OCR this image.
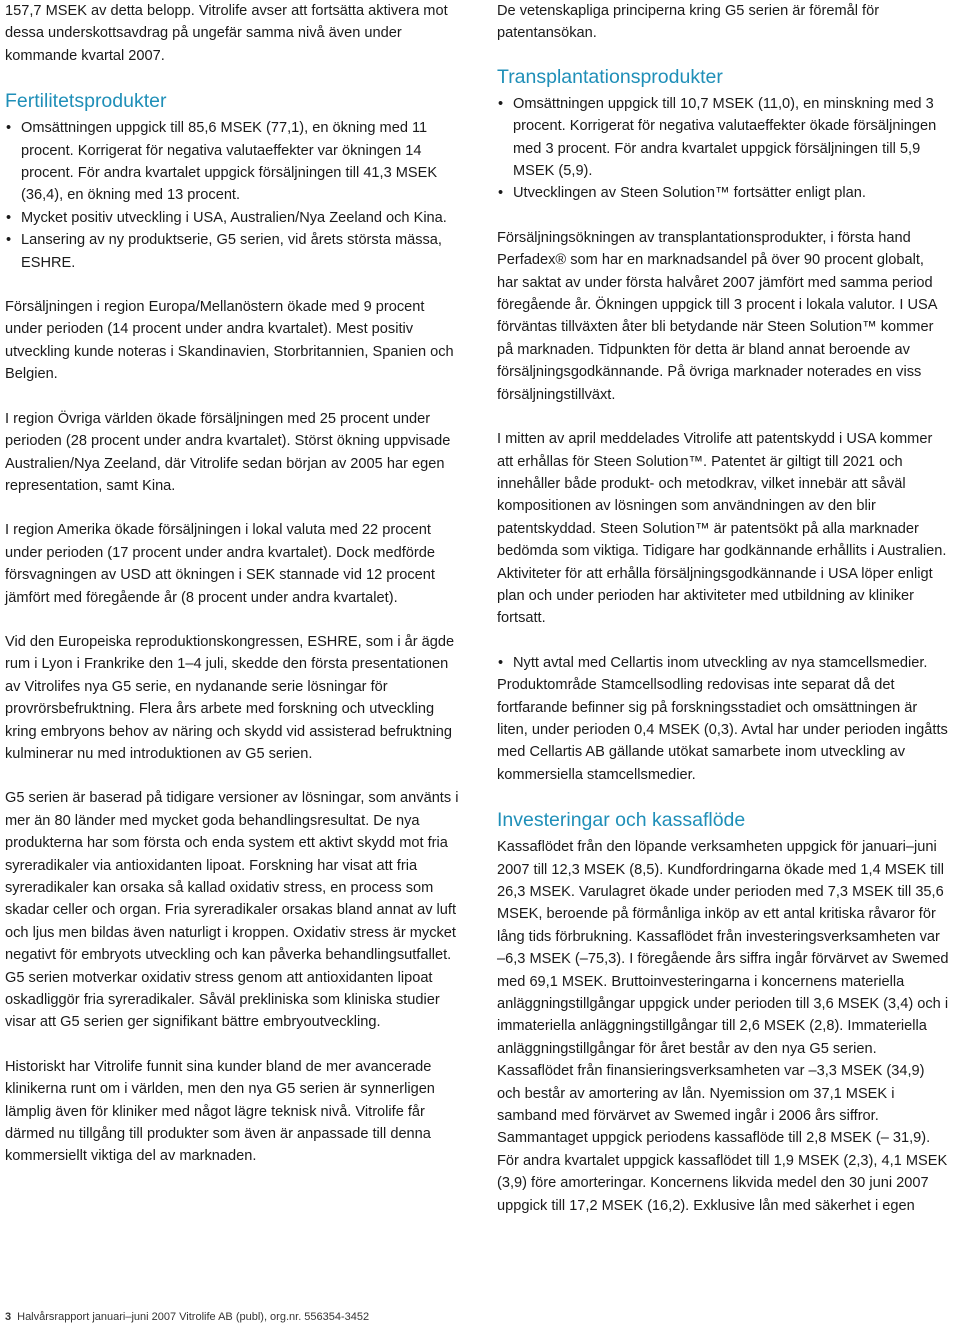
157,7 MSEK av detta belopp. Vitrolife avser att fortsätta aktivera mot dessa underskottsavdrag på ungefär samma nivå även under kommande kvartal 2007.

Fertilitetsprodukter
• Omsättningen uppgick till 85,6 MSEK (77,1), en ökning med 11 procent. Korrigerat för negativa valutaeffekter var ökningen 14 procent. För andra kvartalet uppgick försäljningen till 41,3 MSEK (36,4), en ökning med 13 procent.
• Mycket positiv utveckling i USA, Australien/Nya Zeeland och Kina.
• Lansering av ny produktserie, G5 serien, vid årets största mässa, ESHRE.

Försäljningen i region Europa/Mellanöstern ökade med 9 procent under perioden (14 procent under andra kvartalet). Mest positiv utveckling kunde noteras i Skandinavien, Storbritannien, Spanien och Belgien.

I region Övriga världen ökade försäljningen med 25 procent under perioden (28 procent under andra kvartalet). Störst ökning uppvisade Australien/Nya Zeeland, där Vitrolife sedan början av 2005 har egen representation, samt Kina.

I region Amerika ökade försäljningen i lokal valuta med 22 procent under perioden (17 procent under andra kvartalet). Dock medförde försvagningen av USD att ökningen i SEK stannade vid 12 procent jämfört med föregående år (8 procent under andra kvartalet).

Vid den Europeiska reproduktionskongressen, ESHRE, som i år ägde rum i Lyon i Frankrike den 1–4 juli, skedde den första presentationen av Vitrolifes nya G5 serie, en nydanande serie lösningar för provrörsbefruktning. Flera års arbete med forskning och utveckling kring embryons behov av näring och skydd vid assisterad befruktning kulminerar nu med introduktionen av G5 serien.

G5 serien är baserad på tidigare versioner av lösningar, som använts i mer än 80 länder med mycket goda behandlingsresultat. De nya produkterna har som första och enda system ett aktivt skydd mot fria syreradikaler via antioxidanten lipoat. Forskning har visat att fria syreradikaler kan orsaka så kallad oxidativ stress, en process som skadar celler och organ. Fria syreradikaler orsakas bland annat av luft och ljus men bildas även naturligt i kroppen. Oxidativ stress är mycket negativt för embryots utveckling och kan påverka behandlingsutfallet. G5 serien motverkar oxidativ stress genom att antioxidanten lipoat oskadliggör fria syreradikaler. Såväl prekliniska som kliniska studier visar att G5 serien ger signifikant bättre embryoutveckling.

Historiskt har Vitrolife funnit sina kunder bland de mer avancerade klinikerna runt om i världen, men den nya G5 serien är synnerligen lämplig även för kliniker med något lägre teknisk nivå. Vitrolife får därmed nu tillgång till produkter som även är anpassade till denna kommersiellt viktiga del av marknaden.

De vetenskapliga principerna kring G5 serien är föremål för patentansökan.

Transplantationsprodukter
• Omsättningen uppgick till 10,7 MSEK (11,0), en minskning med 3 procent. Korrigerat för negativa valutaeffekter ökade försäljningen med 3 procent. För andra kvartalet uppgick försäljningen till 5,9 MSEK (5,9).
• Utvecklingen av Steen Solution™ fortsätter enligt plan.

Försäljningsökningen av transplantationsprodukter, i första hand Perfadex® som har en marknadsandel på över 90 procent globalt, har saktat av under första halvåret 2007 jämfört med samma period föregående år. Ökningen uppgick till 3 procent i lokala valutor. I USA förväntas tillväxten åter bli betydande när Steen Solution™ kommer på marknaden. Tidpunkten för detta är bland annat beroende av försäljningsgodkännande. På övriga marknader noterades en viss försäljningstillväxt.

I mitten av april meddelades Vitrolife att patentskydd i USA kommer att erhållas för Steen Solution™. Patentet är giltigt till 2021 och innehåller både produkt- och metodkrav, vilket innebär att såväl kompositionen av lösningen som användningen av den blir patentskyddad. Steen Solution™ är patentsökt på alla marknader bedömda som viktiga. Tidigare har godkännande erhållits i Australien. Aktiviteter för att erhålla försäljningsgodkännande i USA löper enligt plan och under perioden har aktiviteter med utbildning av kliniker fortsatt.

• Nytt avtal med Cellartis inom utveckling av nya stamcellsmedier.

Produktområde Stamcellsodling redovisas inte separat då det fortfarande befinner sig på forskningsstadiet och omsättningen är liten, under perioden 0,4 MSEK (0,3). Avtal har under perioden ingåtts med Cellartis AB gällande utökat samarbete inom utveckling av kommersiella stamcellsmedier.

Investeringar och kassaflöde

Kassaflödet från den löpande verksamheten uppgick för januari–juni 2007 till 12,3 MSEK (8,5). Kundfordringarna ökade med 1,4 MSEK till 26,3 MSEK. Varulagret ökade under perioden med 7,3 MSEK till 35,6 MSEK, beroende på förmånliga inköp av ett antal kritiska råvaror för lång tids förbrukning. Kassaflödet från investeringsverksamheten var –6,3 MSEK (–75,3). I föregående års siffra ingår förvärvet av Swemed med 69,1 MSEK. Bruttoinvesteringarna i koncernens materiella anläggningstillgångar uppgick under perioden till 3,6 MSEK (3,4) och i immateriella anläggningstillgångar till 2,6 MSEK (2,8). Immateriella anläggningstillgångar för året består av den nya G5 serien. Kassaflödet från finansieringsverksamheten var –3,3 MSEK (34,9) och består av amortering av lån. Nyemission om 37,1 MSEK i samband med förvärvet av Swemed ingår i 2006 års siffror. Sammantaget uppgick periodens kassaflöde till 2,8 MSEK (– 31,9). För andra kvartalet uppgick kassaflödet till 1,9 MSEK (2,3), 4,1 MSEK (3,9) före amorteringar. Koncernens likvida medel den 30 juni 2007 uppgick till 17,2 MSEK (16,2). Exklusive lån med säkerhet i egen

3 Halvårsrapport januari–juni 2007 Vitrolife AB (publ), org.nr. 556354-3452
